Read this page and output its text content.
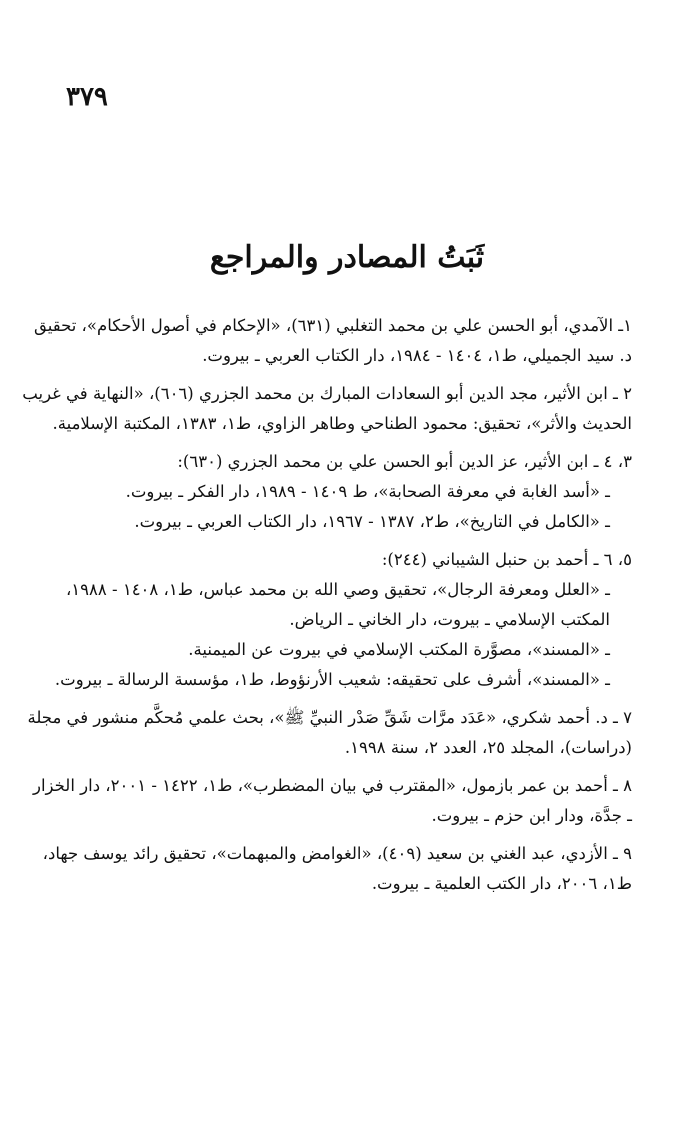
٣٧٩
ثَبَتُ المصادر والمراجع
١ـ الآمدي، أبو الحسن علي بن محمد التغلبي (٦٣١)، «الإحكام في أصول الأحكام»، تحقيق
د. سيد الجميلي، ط١، ١٤٠٤ - ١٩٨٤، دار الكتاب العربي ـ بيروت.
٢ ـ ابن الأثير، مجد الدين أبو السعادات المبارك بن محمد الجزري (٦٠٦)، «النهاية في غريب
الحديث والأثر»، تحقيق: محمود الطناحي وطاهر الزاوي، ط١، ١٣٨٣، المكتبة الإسلامية.
٣، ٤ ـ ابن الأثير، عز الدين أبو الحسن علي بن محمد الجزري (٦٣٠):
ـ «أسد الغابة في معرفة الصحابة»، ط ١٤٠٩ - ١٩٨٩، دار الفكر ـ بيروت.
ـ «الكامل في التاريخ»، ط٢، ١٣٨٧ - ١٩٦٧، دار الكتاب العربي ـ بيروت.
٥، ٦ ـ أحمد بن حنبل الشيباني (٢٤٤):
ـ «العلل ومعرفة الرجال»، تحقيق وصي الله بن محمد عباس، ط١، ١٤٠٨ - ١٩٨٨،
المكتب الإسلامي ـ بيروت، دار الخاني ـ الرياض.
ـ «المسند»، مصوَّرة المكتب الإسلامي في بيروت عن الميمنية.
ـ «المسند»، أشرف على تحقيقه: شعيب الأرنؤوط، ط١، مؤسسة الرسالة ـ بيروت.
٧ ـ د. أحمد شكري، «عَدَد مرَّات شَقِّ صَدْر النبيِّ ﷺ»، بحث علمي مُحكَّم منشور في مجلة
(دراسات)، المجلد ٢٥، العدد ٢، سنة ١٩٩٨.
٨ ـ أحمد بن عمر بازمول، «المقترب في بيان المضطرب»، ط١، ١٤٢٢ - ٢٠٠١، دار الخزار
ـ جدَّة، ودار ابن حزم ـ بيروت.
٩ ـ الأزدي، عبد الغني بن سعيد (٤٠٩)، «الغوامض والمبهمات»، تحقيق رائد يوسف جهاد،
ط١، ٢٠٠٦، دار الكتب العلمية ـ بيروت.
